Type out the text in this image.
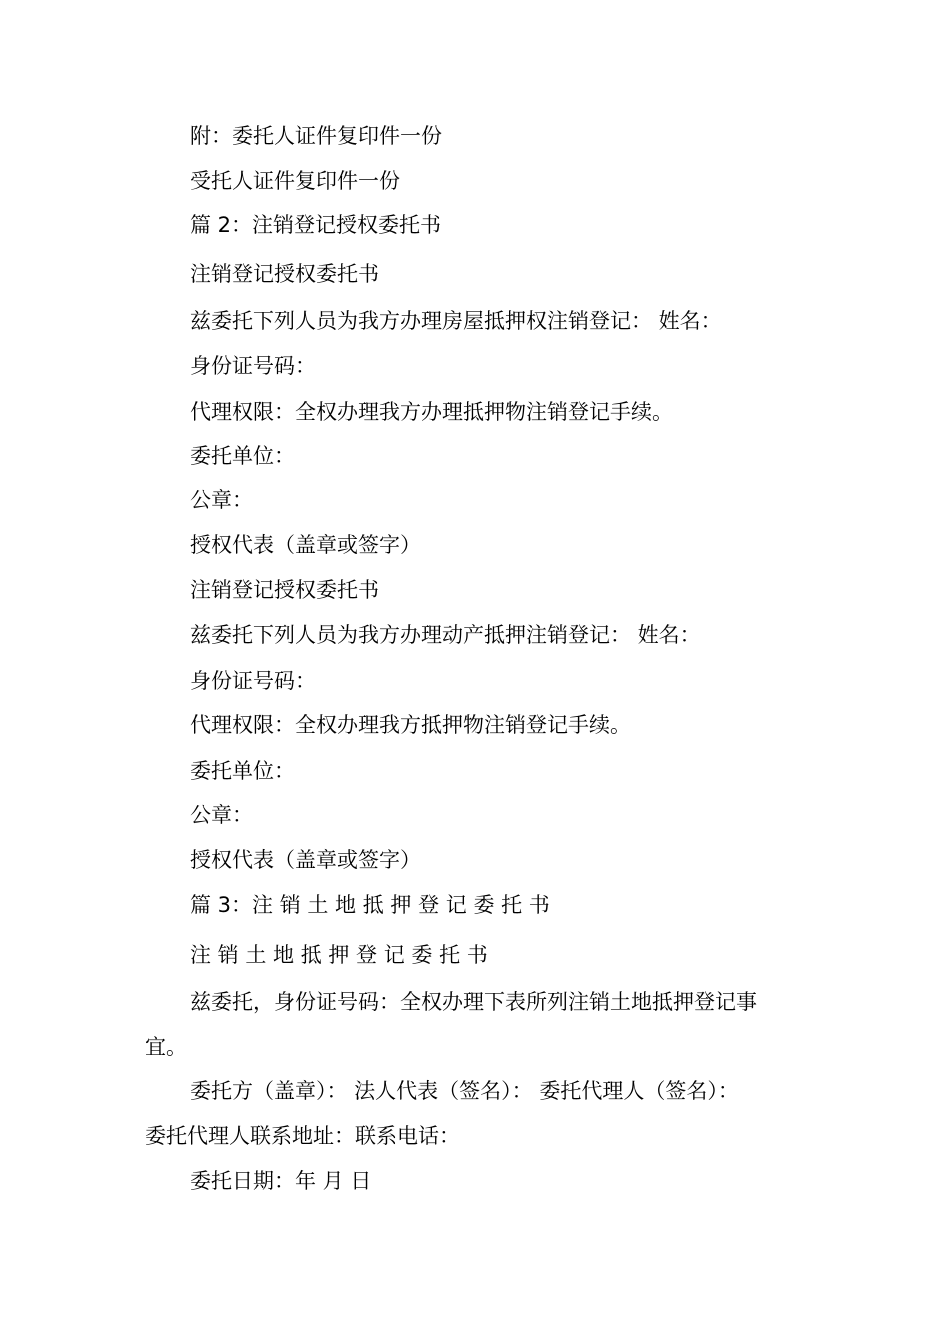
附：委托人证件复印件一份
受托人证件复印件一份
篇 2：注销登记授权委托书
注销登记授权委托书
兹委托下列人员为我方办理房屋抵押权注销登记： 姓名：
身份证号码：
代理权限：全权办理我方办理抵押物注销登记手续。
委托单位：
公章：
授权代表（盖章或签字）
注销登记授权委托书
兹委托下列人员为我方办理动产抵押注销登记： 姓名：
身份证号码：
代理权限：全权办理我方抵押物注销登记手续。
委托单位：
公章：
授权代表（盖章或签字）
篇 3：注 销 土 地 抵 押 登 记 委 托 书
注 销 土 地 抵 押 登 记 委 托 书
兹委托，身份证号码：全权办理下表所列注销土地抵押登记事
宜。
委托方（盖章）： 法人代表（签名）： 委托代理人（签名）：
委托代理人联系地址：联系电话：
委托日期：年 月 日
